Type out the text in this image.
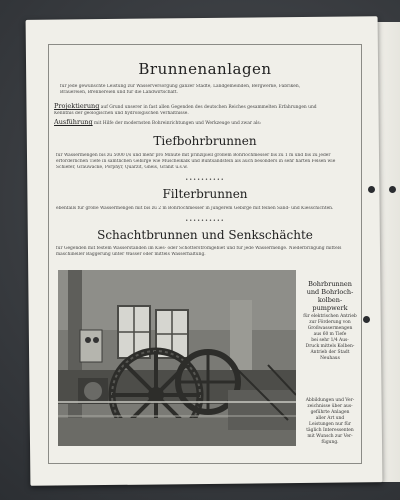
Brunnenanlagen
für jede gewünschte Leistung zur Wasserversorgung ganzer Städte, Landgemeinden, Bergwerke, Fabriken,
Brauereien, Brennereien und für die Landwirtschaft.
Projektierung auf Grund unserer in fast allen Gegenden des deutschen Reiches gesammelten Erfahrungen und
Kenntnis der geologischen und hydrologischen Verhältnisse.
Ausführung mit Hilfe der modernsten Bohreinrichtungen und Werkzeuge und zwar als:
Tiefbohrbrunnen
für Wassermengen bis zu 5000 l/s und mehr pro Minute mit prinzipiell großem Bohrlochmesser bis zu 1 m und bis zu jeder
erforderlichen Tiefe in sämtlichen Gebirge wie Muschelkalk und Buntsandstein als auch besonders in sehr harten Felsen wie
Schiefer, Grauwacke, Porphyr, Quarzit, Gneis, Granit u.s.w.
••••••••••
Filterbrunnen
ebenfalls für große Wassermengen mit bis zu 2 m Bohrlochmesser in jüngerem Gebirge mit feinen Sand- und Kiesschichten.
••••••••••
Schachtbrunnen und Senkschächte
für Gegenden mit festem Wasserständen im Kies- oder Schotterstromgebiet und für jede Wassermenge. Niederbringung mittels
maschineller Baggerung unter Wasser oder mittels Wasserhaltung.
Bohrbrunnen
und Bohrloch-
kolben-
pumpwerk
für elektrischen Antrieb
zur Förderung von
Großwassermengen
aus 60 m Tiefe
bei sehr 1/4 Aus-
Druck mittels Kolben-
Antrieb der Stadt
Neuhaus
Abbildungen und Ver-
zeichnisse über aus-
geführte Anlagen
aller Art und
Leistungen nur für
täglich Interessenten
mit Wunsch zur Ver-
fügung.
